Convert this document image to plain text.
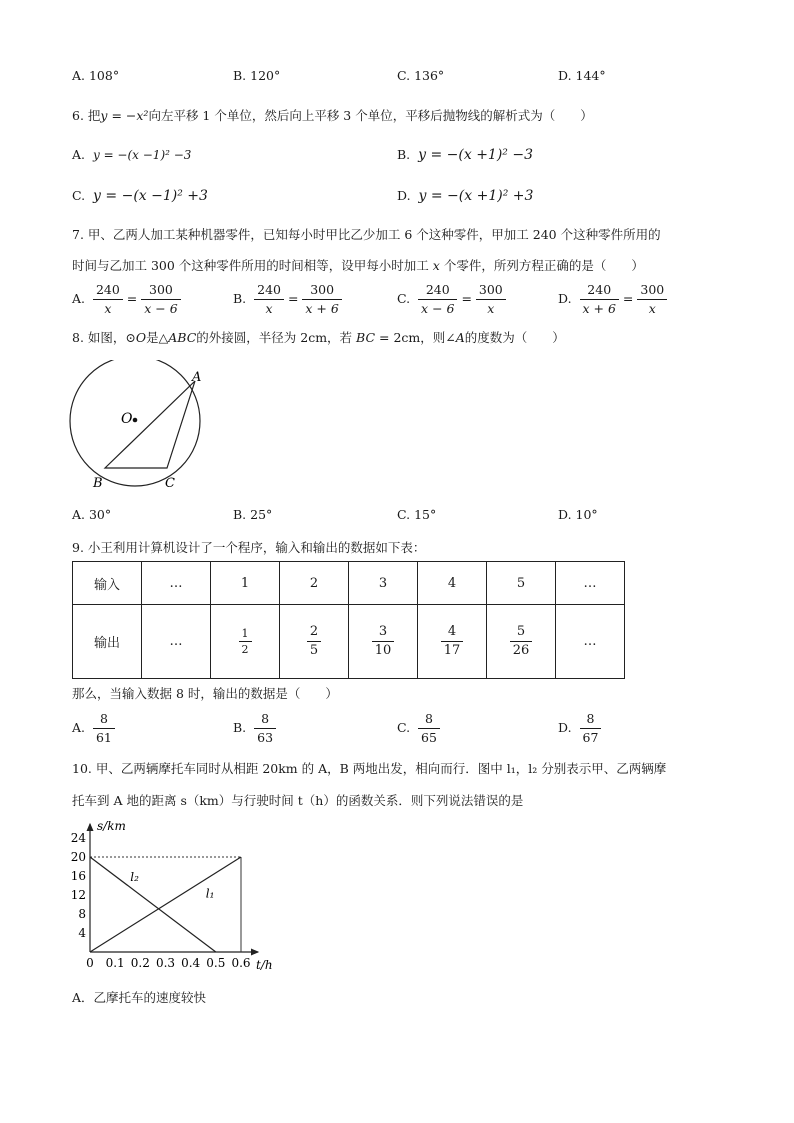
A. 108°	B. 120°	C. 136°	D. 144°
6. 把y = −x²向左平移 1 个单位，然后向上平移 3 个单位，平移后抛物线的解析式为（　　）
A. y = −(x −1)² −3	B. y = −(x +1)² −3
C. y = −(x −1)² +3	D. y = −(x +1)² +3
7. 甲、乙两人加工某种机器零件，已知每小时甲比乙少加工 6 个这种零件，甲加工 240 个这种零件所用的
时间与乙加工 300 个这种零件所用的时间相等，设甲每小时加工 x 个零件，所列方程正确的是（　　）
A. $\frac{240}{x} = \frac{300}{x - 6}$	B. $\frac{240}{x} = \frac{300}{x + 6}$	C. $\frac{240}{x - 6} = \frac{300}{x}$	D. $\frac{240}{x + 6} = \frac{300}{x}$
8. 如图，⊙O是△ABC的外接圆，半径为 2cm，若 BC = 2cm，则∠A的度数为（　　）
O
A
B	C
A. 30°	B. 25°	C. 15°	D. 10°
9. 小王利用计算机设计了一个程序，输入和输出的数据如下表：
输入	…	1	2	3	4	5	…
输出	…	$\frac{1}{2}$	$\frac{2}{5}$	$\frac{3}{10}$	$\frac{4}{17}$	$\frac{5}{26}$	…
那么，当输入数据 8 时，输出的数据是（　　）
A. $\frac{8}{61}$	B. $\frac{8}{63}$	C. $\frac{8}{65}$	D. $\frac{8}{67}$
10. 甲、乙两辆摩托车同时从相距 20km 的 A，B 两地出发，相向而行．图中 l₁，l₂ 分别表示甲、乙两辆摩
托车到 A 地的距离 s（km）与行驶时间 t（h）的函数关系．则下列说法错误的是
l₁
l₂
0 0.1 0.2 0.3 0.4 0.5 0.6
4
8
12
16
20
24
s/km
t/h
A．乙摩托车的速度较快
